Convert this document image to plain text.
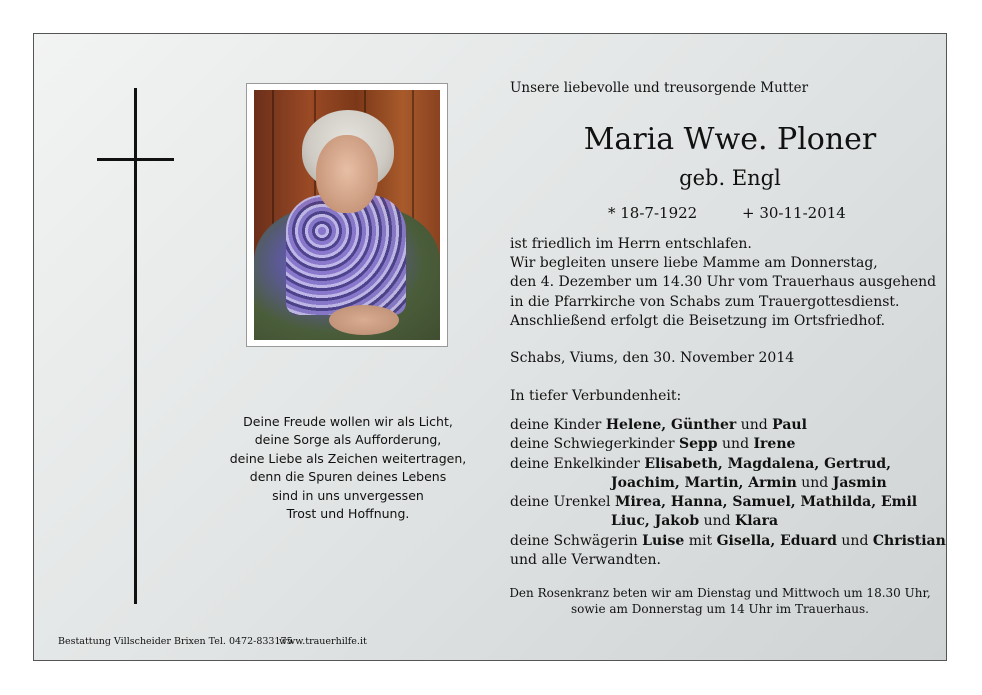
Deine Freude wollen wir als Licht,
deine Sorge als Aufforderung,
deine Liebe als Zeichen weitertragen,
denn die Spuren deines Lebens
sind in uns unvergessen
Trost und Hoffnung.
Unsere liebevolle und treusorgende Mutter
Maria Wwe. Ploner
geb. Engl
* 18-7-1922	+ 30-11-2014
ist friedlich im Herrn entschlafen.
Wir begleiten unsere liebe Mamme am Donnerstag,
den 4. Dezember um 14.30 Uhr vom Trauerhaus ausgehend
in die Pfarrkirche von Schabs zum Trauergottesdienst.
Anschließend erfolgt die Beisetzung im Ortsfriedhof.
Schabs, Viums, den 30. November 2014
In tiefer Verbundenheit:
deine Kinder Helene, Günther und Paul
deine Schwiegerkinder Sepp und Irene
deine Enkelkinder Elisabeth, Magdalena, Gertrud,
Joachim, Martin, Armin und Jasmin
deine Urenkel Mirea, Hanna, Samuel, Mathilda, Emil
Liuc, Jakob und Klara
deine Schwägerin Luise mit Gisella, Eduard und Christian
und alle Verwandten.
Den Rosenkranz beten wir am Dienstag und Mittwoch um 18.30 Uhr,
sowie am Donnerstag um 14 Uhr im Trauerhaus.
Bestattung Villscheider Brixen Tel. 0472-833175
www.trauerhilfe.it
